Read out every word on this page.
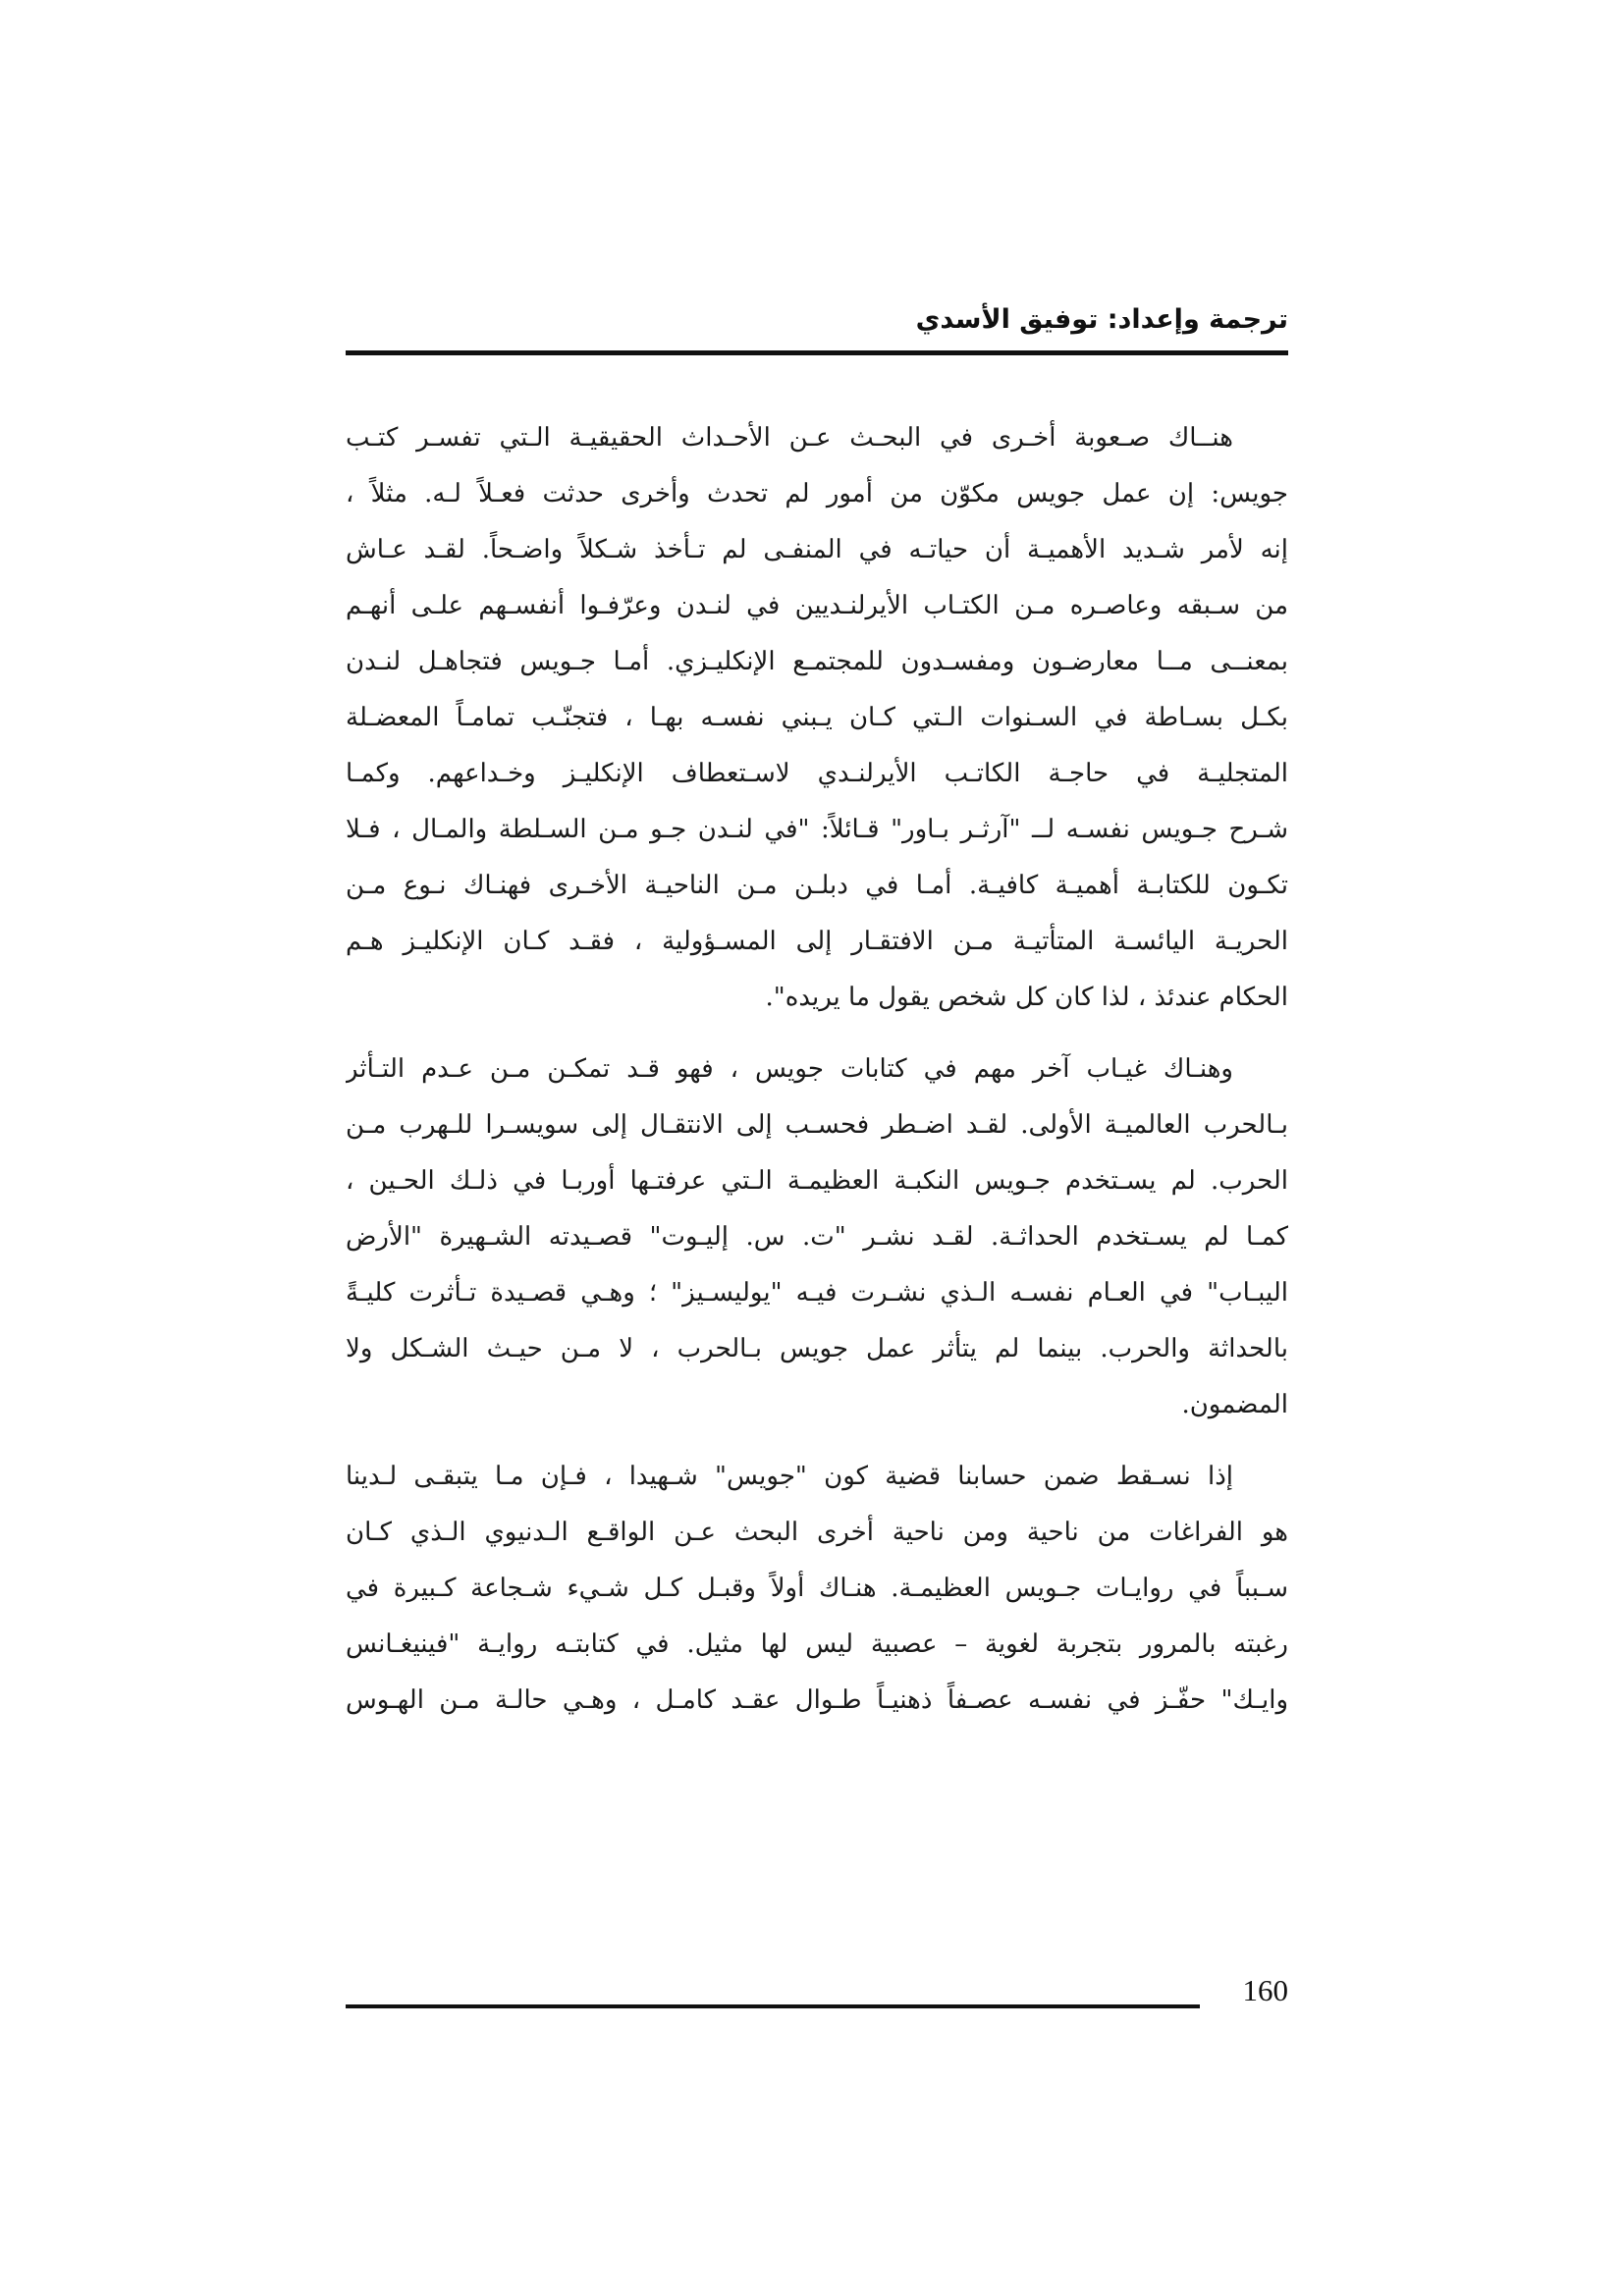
ترجمة وإعداد: توفيق الأسدي
هنــاك صـعوبة أخـرى في البحـث عـن الأحـداث الحقيقيـة الـتي تفسـر كتـب
جويس: إن عمل جويس مكوّن من أمور لم تحدث وأخرى حدثت فعـلاً لـه. مثلاً ،
إنه لأمر شـديد الأهميـة أن حياتـه في المنفـى لم تـأخذ شـكلاً واضـحاً. لقـد عـاش
من سـبقه وعاصـره مـن الكتـاب الأيرلنـديين في لنـدن وعرّفـوا أنفسـهم علـى أنهـم
بمعنــى مــا معارضـون ومفسـدون للمجتمـع الإنكليـزي. أمـا جـويس فتجاهـل لنـدن
بكـل بسـاطة في السـنوات الـتي كـان يـبني نفسـه بهـا ، فتجنّـب تمامـاً المعضـلة
المتجليـة في حاجـة الكاتـب الأيرلنـدي لاسـتعطاف الإنكليـز وخـداعهم. وكمـا
شـرح جـويس نفسـه لــ "آرثـر بـاور" قـائلاً: "في لنـدن جـو مـن السـلطة والمـال ، فـلا
تكـون للكتابـة أهميـة كافيـة. أمـا في دبلـن مـن الناحيـة الأخـرى فهنـاك نـوع مـن
الحريـة اليائسـة المتأتيـة مـن الافتقـار إلى المسـؤولية ، فقـد كـان الإنكليـز هـم
الحكام عندئذ ، لذا كان كل شخص يقول ما يريده".
وهنـاك غيـاب آخر مهم في كتابات جويس ، فهو قـد تمكـن مـن عـدم التـأثر
بـالحرب العالميـة الأولى. لقـد اضـطر فحسـب إلى الانتقـال إلى سويسـرا للـهرب مـن
الحرب. لم يسـتخدم جـويس النكبـة العظيمـة الـتي عرفتـها أوربـا في ذلـك الحـين ،
كمـا لم يسـتخدم الحداثـة. لقـد نشـر "ت. س. إليـوت" قصـيدته الشـهيرة "الأرض
اليبـاب" في العـام نفسـه الـذي نشـرت فيـه "يوليسـيز" ؛ وهـي قصـيدة تـأثرت كليـةً
بالحداثة والحرب. بينما لم يتأثر عمل جويس بـالحرب ، لا مـن حيـث الشـكل ولا
المضمون.
إذا نسـقط ضمن حسابنا قضية كون "جويس" شـهيدا ، فـإن مـا يتبقـى لـدينا
هو الفراغات من ناحية ومن ناحية أخرى البحث عـن الواقـع الـدنيوي الـذي كـان
سـبباً في روايـات جـويس العظيمـة. هنـاك أولاً وقبـل كـل شـيء شـجاعة كـبيرة في
رغبته بالمرور بتجربة لغوية – عصبية ليس لها مثيل. في كتابتـه روايـة "فينيغـانس
وايـك" حفّـز في نفسـه عصـفاً ذهنيـاً طـوال عقـد كامـل ، وهـي حالـة مـن الهـوس
160
